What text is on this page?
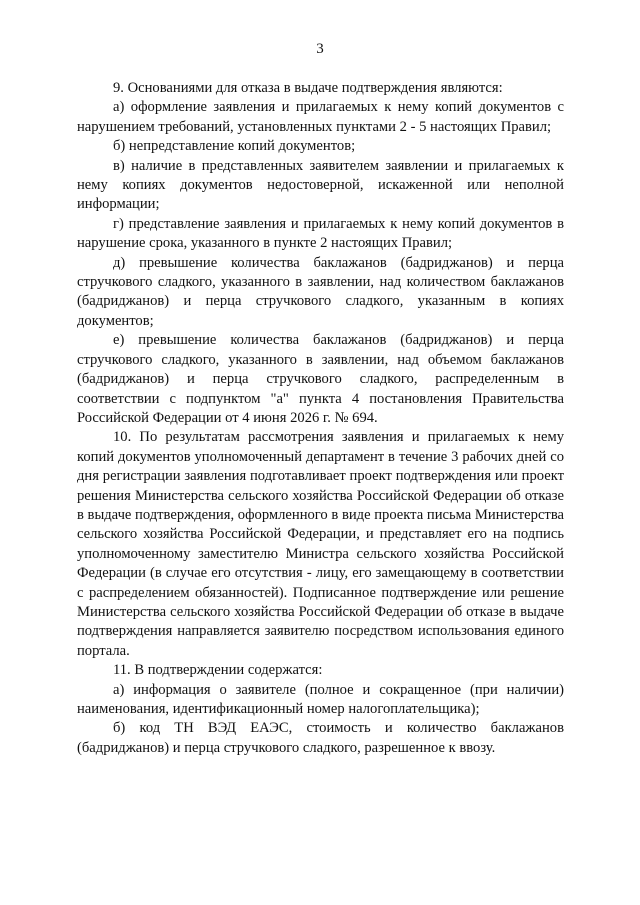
3

9. Основаниями для отказа в выдаче подтверждения являются:

а) оформление заявления и прилагаемых к нему копий документов с нарушением требований, установленных пунктами 2 - 5 настоящих Правил;

б) непредставление копий документов;

в) наличие в представленных заявителем заявлении и прилагаемых к нему копиях документов недостоверной, искаженной или неполной информации;

г) представление заявления и прилагаемых к нему копий документов в нарушение срока, указанного в пункте 2 настоящих Правил;

д) превышение количества баклажанов (бадриджанов) и перца стручкового сладкого, указанного в заявлении, над количеством баклажанов (бадриджанов) и перца стручкового сладкого, указанным в копиях документов;

е) превышение количества баклажанов (бадриджанов) и перца стручкового сладкого, указанного в заявлении, над объемом баклажанов (бадриджанов) и перца стручкового сладкого, распределенным в соответствии с подпунктом "а" пункта 4 постановления Правительства Российской Федерации от 4 июня 2026 г. № 694.

10. По результатам рассмотрения заявления и прилагаемых к нему копий документов уполномоченный департамент в течение 3 рабочих дней со дня регистрации заявления подготавливает проект подтверждения или проект решения Министерства сельского хозяйства Российской Федерации об отказе в выдаче подтверждения, оформленного в виде проекта письма Министерства сельского хозяйства Российской Федерации, и представляет его на подпись уполномоченному заместителю Министра сельского хозяйства Российской Федерации (в случае его отсутствия - лицу, его замещающему в соответствии с распределением обязанностей). Подписанное подтверждение или решение Министерства сельского хозяйства Российской Федерации об отказе в выдаче подтверждения направляется заявителю посредством использования единого портала.

11. В подтверждении содержатся:

а) информация о заявителе (полное и сокращенное (при наличии) наименования, идентификационный номер налогоплательщика);

б) код ТН ВЭД ЕАЭС, стоимость и количество баклажанов (бадриджанов) и перца стручкового сладкого, разрешенное к ввозу.
